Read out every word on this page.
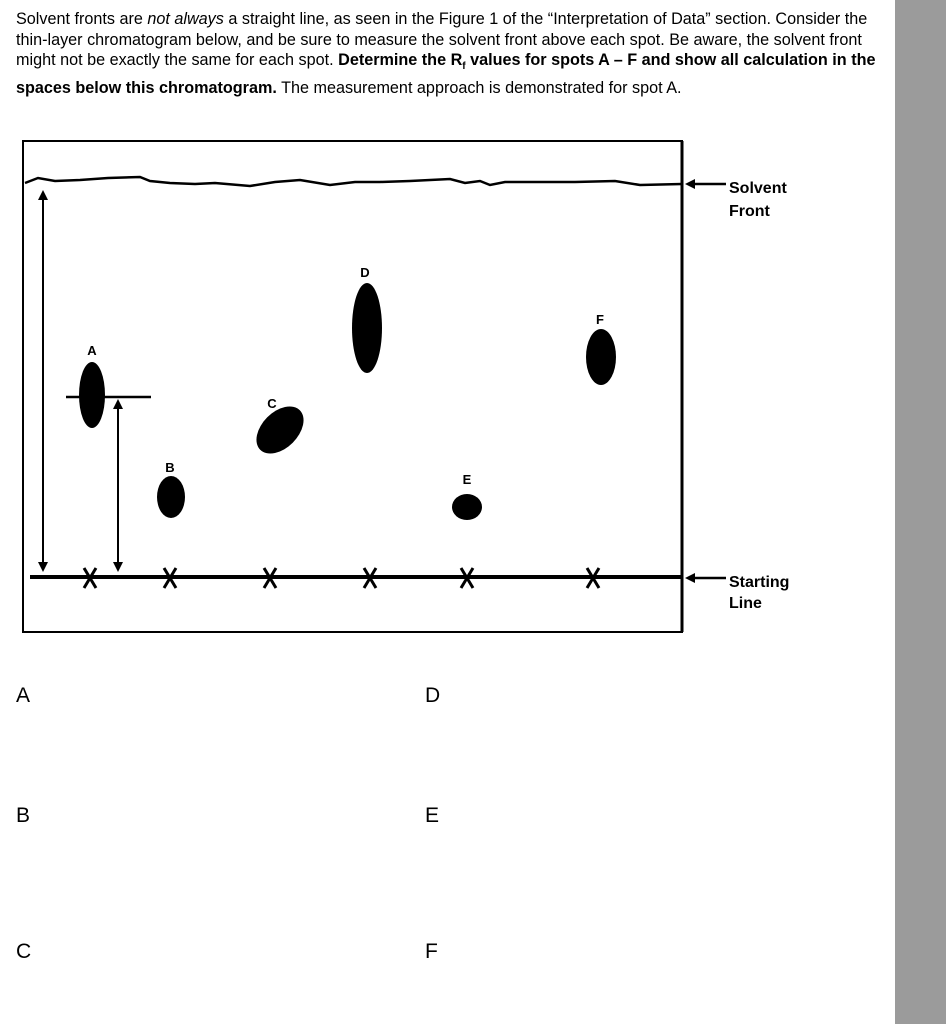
Solvent fronts are not always a straight line, as seen in the Figure 1 of the “Interpretation of Data” section. Consider the thin-layer chromatogram below, and be sure to measure the solvent front above each spot. Be aware, the solvent front might not be exactly the same for each spot. Determine the $R_f$ values for spots A – F and show all calculation in the spaces below this chromatogram. The measurement approach is demonstrated for spot A.
A
B
C
D
E
F
Solvent
Front
Starting
Line
A
B
C
D
E
F
